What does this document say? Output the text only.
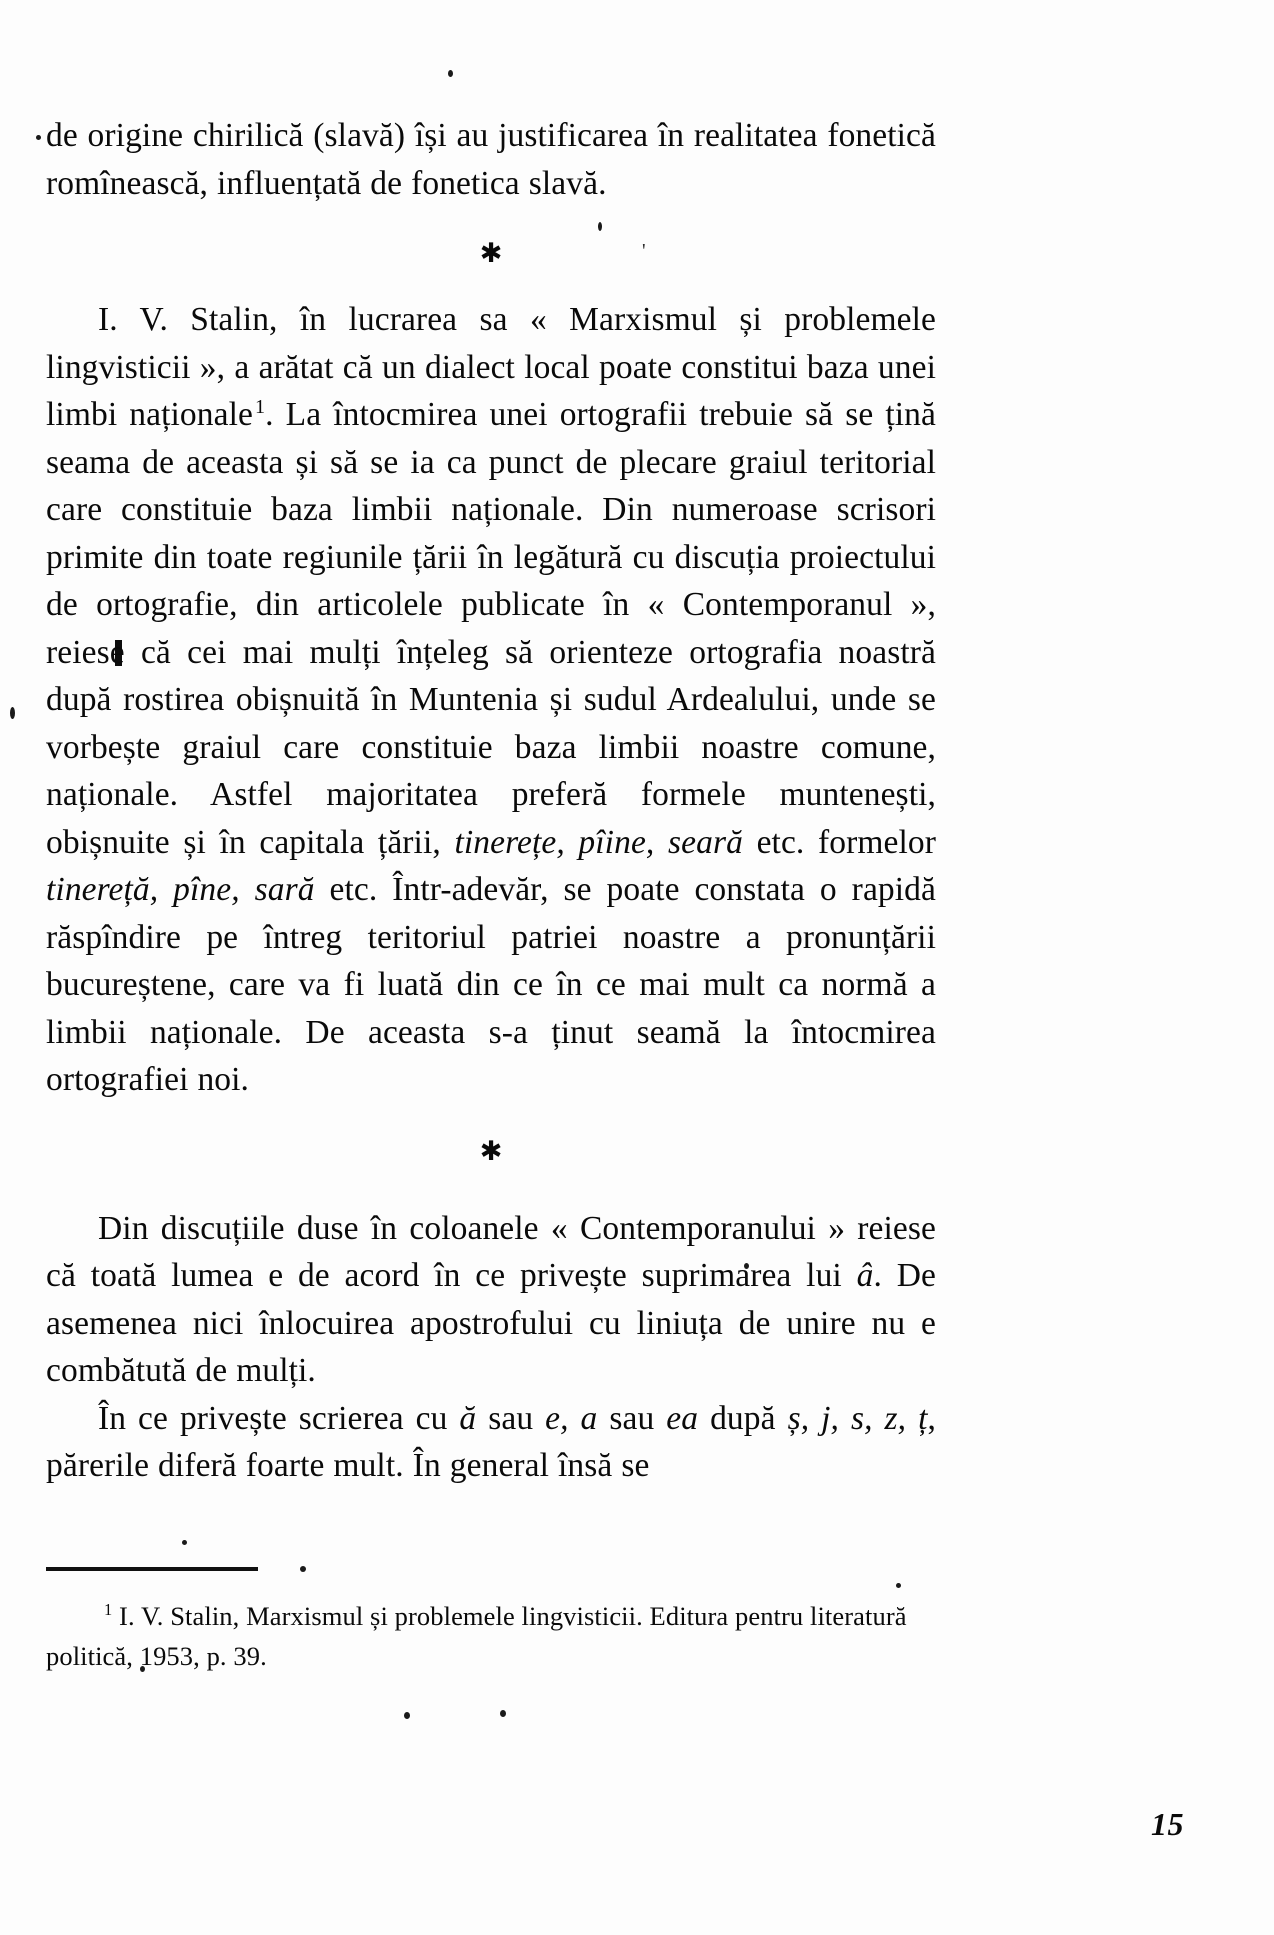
de origine chirilică (slavă) își au justificarea în realitatea fonetică romînească, influențată de fonetica slavă.

✱	'

I. V. Stalin, în lucrarea sa « Marxismul și problemele lingvisticii », a arătat că un dialect local poate constitui baza unei limbi naționale$^1$. La întocmirea unei ortografii trebuie să se țină seama de aceasta și să se ia ca punct de plecare graiul teritorial care constituie baza limbii naționale. Din numeroase scrisori primite din toate regiunile țării în legătură cu discuția proiectului de ortografie, din articolele publicate în « Contemporanul », reiese că cei mai mulți înțeleg să orienteze ortografia noastră după rostirea obișnuită în Muntenia și sudul Ardealului, unde se vorbește graiul care constituie baza limbii noastre comune, naționale. Astfel majoritatea preferă formele muntenești, obișnuite și în capitala țării, tinerețe, pîine, seară etc. formelor tinereță, pîne, sară etc. Într-adevăr, se poate constata o rapidă răspîndire pe întreg teritoriul patriei noastre a pronunțării bucureștene, care va fi luată din ce în ce mai mult ca normă a limbii naționale. De aceasta s-a ținut seamă la întocmirea ortografiei noi.

✱

Din discuțiile duse în coloanele « Contemporanului » reiese că toată lumea e de acord în ce privește suprimarea lui â. De asemenea nici înlocuirea apostrofului cu liniuța de unire nu e combătută de mulți.

În ce privește scrierea cu ă sau e, a sau ea după ș, j, s, z, ț, părerile diferă foarte mult. În general însă se

$^1$ I. V. Stalin, Marxismul și problemele lingvisticii. Editura pentru literatură politică, 1953, p. 39.
15
